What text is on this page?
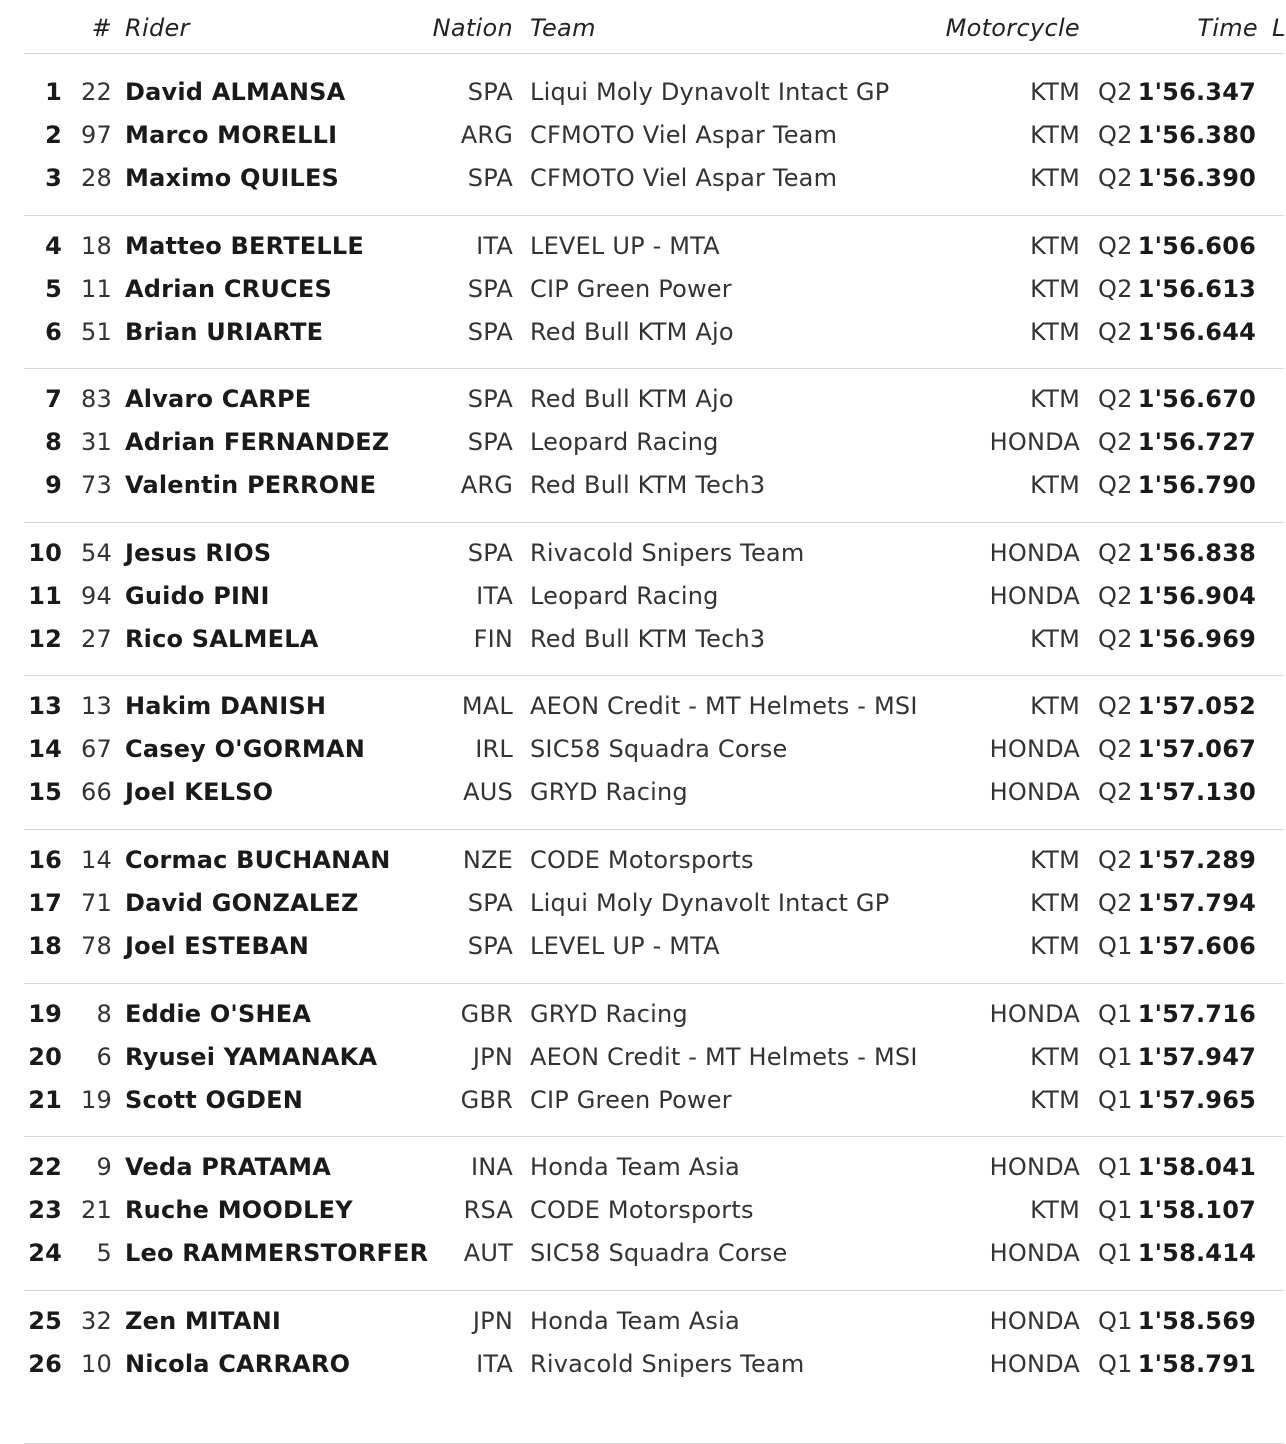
# Rider	Nation Team	Motorcycle	Time L
1 22 David ALMANSA	SPA Liqui Moly Dynavolt Intact GP	KTM Q2 1'56.347
2 97 Marco MORELLI	ARG CFMOTO Viel Aspar Team	KTM Q2 1'56.380
3 28 Maximo QUILES	SPA CFMOTO Viel Aspar Team	KTM Q2 1'56.390
4 18 Matteo BERTELLE	ITA LEVEL UP - MTA	KTM Q2 1'56.606
5 11 Adrian CRUCES	SPA CIP Green Power	KTM Q2 1'56.613
6 51 Brian URIARTE	SPA Red Bull KTM Ajo	KTM Q2 1'56.644
7 83 Alvaro CARPE	SPA Red Bull KTM Ajo	KTM Q2 1'56.670
8 31 Adrian FERNANDEZ	SPA Leopard Racing	HONDA Q2 1'56.727
9 73 Valentin PERRONE	ARG Red Bull KTM Tech3	KTM Q2 1'56.790
10 54 Jesus RIOS	SPA Rivacold Snipers Team	HONDA Q2 1'56.838
11 94 Guido PINI	ITA Leopard Racing	HONDA Q2 1'56.904
12 27 Rico SALMELA	FIN Red Bull KTM Tech3	KTM Q2 1'56.969
13 13 Hakim DANISH	MAL AEON Credit - MT Helmets - MSI	KTM Q2 1'57.052
14 67 Casey O'GORMAN	IRL SIC58 Squadra Corse	HONDA Q2 1'57.067
15 66 Joel KELSO	AUS GRYD Racing	HONDA Q2 1'57.130
16 14 Cormac BUCHANAN	NZE CODE Motorsports	KTM Q2 1'57.289
17 71 David GONZALEZ	SPA Liqui Moly Dynavolt Intact GP	KTM Q2 1'57.794
18 78 Joel ESTEBAN	SPA LEVEL UP - MTA	KTM Q1 1'57.606
19 8 Eddie O'SHEA	GBR GRYD Racing	HONDA Q1 1'57.716
20 6 Ryusei YAMANAKA	JPN AEON Credit - MT Helmets - MSI	KTM Q1 1'57.947
21 19 Scott OGDEN	GBR CIP Green Power	KTM Q1 1'57.965
22 9 Veda PRATAMA	INA Honda Team Asia	HONDA Q1 1'58.041
23 21 Ruche MOODLEY	RSA CODE Motorsports	KTM Q1 1'58.107
24 5 Leo RAMMERSTORFER AUT SIC58 Squadra Corse	HONDA Q1 1'58.414
25 32 Zen MITANI	JPN Honda Team Asia	HONDA Q1 1'58.569
26 10 Nicola CARRARO	ITA Rivacold Snipers Team	HONDA Q1 1'58.791
